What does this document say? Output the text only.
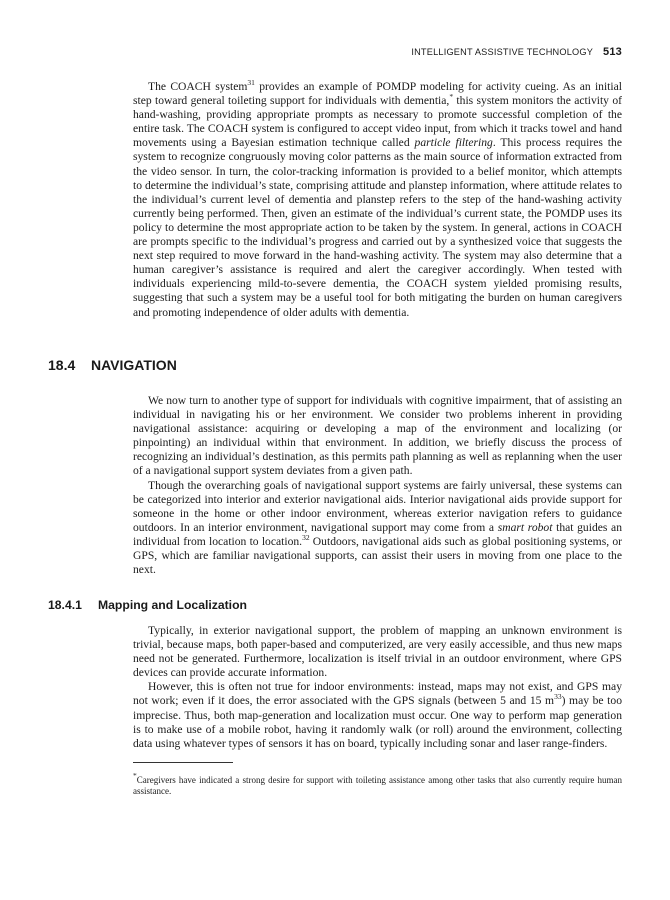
INTELLIGENT ASSISTIVE TECHNOLOGY 513

The COACH system$^{31}$ provides an example of POMDP modeling for activity cueing. As an initial step toward general toileting support for individuals with dementia,* this system monitors the activity of hand-washing, providing appropriate prompts as necessary to promote successful completion of the entire task. The COACH system is configured to accept video input, from which it tracks towel and hand movements using a Bayesian estimation technique called particle filtering. This process requires the system to recognize congruously moving color patterns as the main source of information extracted from the video sensor. In turn, the color-tracking information is provided to a belief monitor, which attempts to determine the individual’s state, comprising attitude and planstep information, where attitude relates to the individual’s current level of dementia and planstep refers to the step of the hand-washing activity currently being performed. Then, given an estimate of the individual’s current state, the POMDP uses its policy to determine the most appropriate action to be taken by the system. In general, actions in COACH are prompts specific to the individual’s progress and carried out by a synthesized voice that suggests the next step required to move forward in the hand-washing activity. The system may also determine that a human caregiver’s assistance is required and alert the caregiver accordingly. When tested with individuals experiencing mild-to-severe dementia, the COACH system yielded promising results, suggesting that such a system may be a useful tool for both mitigating the burden on human caregivers and promoting independence of older adults with dementia.

18.4 NAVIGATION

We now turn to another type of support for individuals with cognitive impairment, that of assisting an individual in navigating his or her environment. We consider two problems inherent in providing navigational assistance: acquiring or developing a map of the environment and localizing (or pinpointing) an individual within that environment. In addition, we briefly discuss the process of recognizing an individual’s destination, as this permits path planning as well as replanning when the user of a navigational support system deviates from a given path.

Though the overarching goals of navigational support systems are fairly universal, these systems can be categorized into interior and exterior navigational aids. Interior navigational aids provide support for someone in the home or other indoor environment, whereas exterior navigation refers to guidance outdoors. In an interior environment, navigational support may come from a smart robot that guides an individual from location to location.$^{32}$ Outdoors, navigational aids such as global positioning systems, or GPS, which are familiar navigational supports, can assist their users in moving from one place to the next.

18.4.1 Mapping and Localization

Typically, in exterior navigational support, the problem of mapping an unknown environment is trivial, because maps, both paper-based and computerized, are very easily accessible, and thus new maps need not be generated. Furthermore, localization is itself trivial in an outdoor environment, where GPS devices can provide accurate information.

However, this is often not true for indoor environments: instead, maps may not exist, and GPS may not work; even if it does, the error associated with the GPS signals (between 5 and 15 $m^{33}$) may be too imprecise. Thus, both map-generation and localization must occur. One way to perform map generation is to make use of a mobile robot, having it randomly walk (or roll) around the environment, collecting data using whatever types of sensors it has on board, typically including sonar and laser range-finders.

*Caregivers have indicated a strong desire for support with toileting assistance among other tasks that also currently require human assistance.
